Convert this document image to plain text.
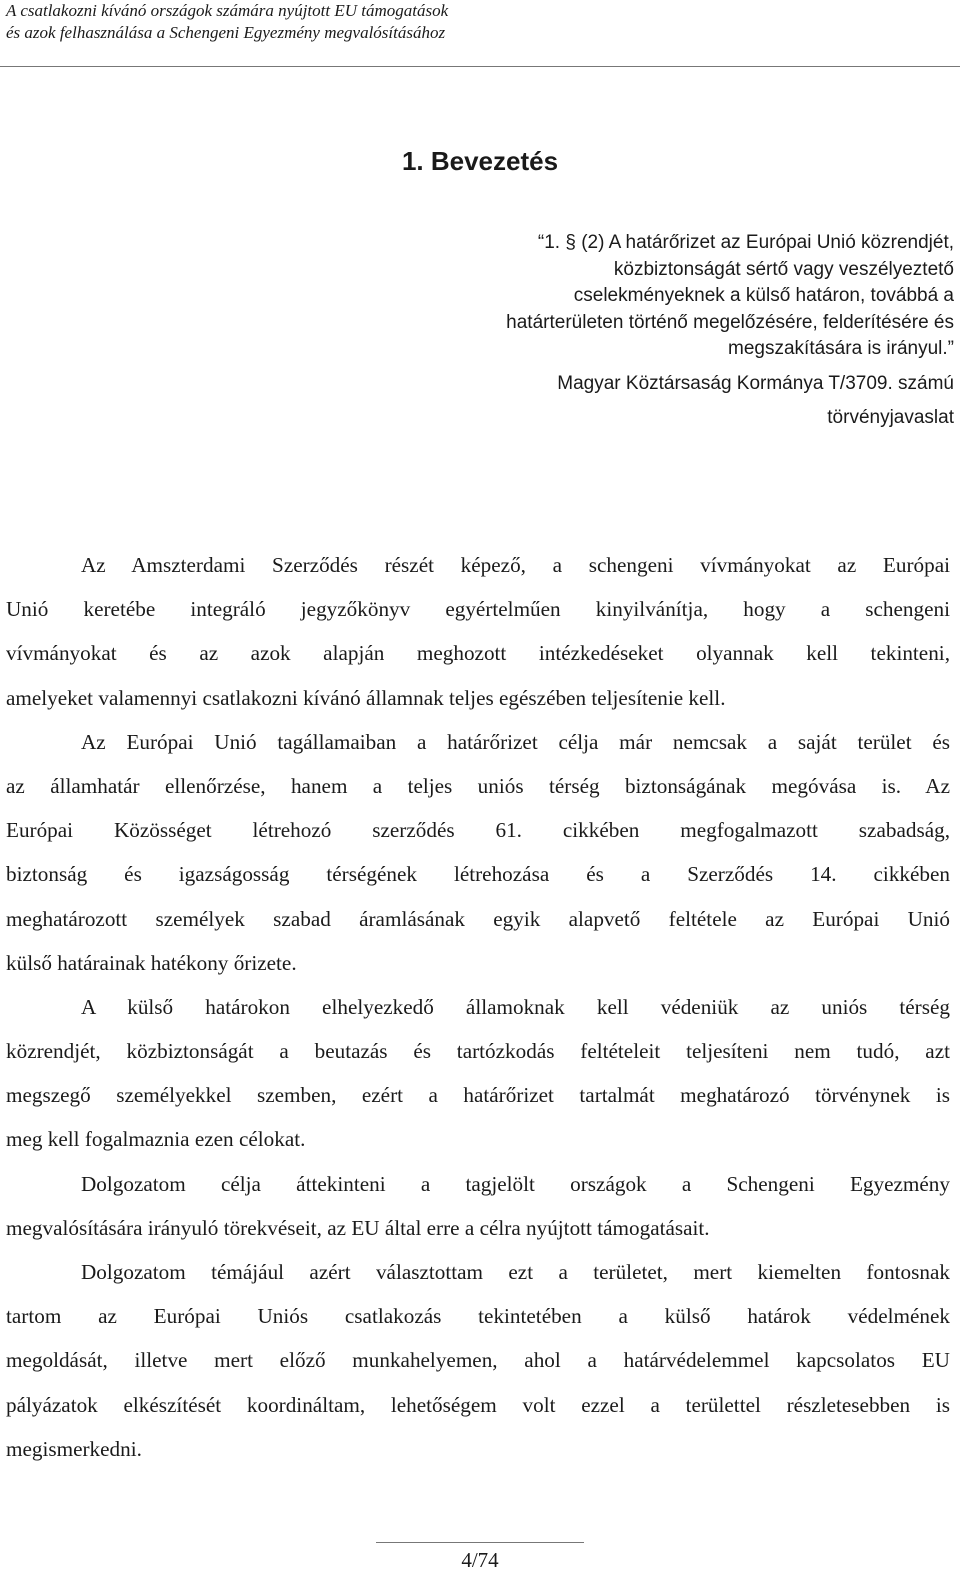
A csatlakozni kívánó országok számára nyújtott EU támogatások
és azok felhasználása a Schengeni Egyezmény megvalósításához
1. Bevezetés
“1. § (2) A határőrizet az Európai Unió közrendjét,
közbiztonságát sértő vagy veszélyeztető
cselekményeknek a külső határon, továbbá a
határterületen történő megelőzésére, felderítésére és
megszakítására is irányul.”
Magyar Köztársaság Kormánya T/3709. számú
törvényjavaslat
Az Amszterdami Szerződés részét képező, a schengeni vívmányokat az Európai
Unió keretébe integráló jegyzőkönyv egyértelműen kinyilvánítja, hogy a schengeni
vívmányokat és az azok alapján meghozott intézkedéseket olyannak kell tekinteni,
amelyeket valamennyi csatlakozni kívánó államnak teljes egészében teljesítenie kell.
Az Európai Unió tagállamaiban a határőrizet célja már nemcsak a saját terület és
az államhatár ellenőrzése, hanem a teljes uniós térség biztonságának megóvása is. Az
Európai Közösséget létrehozó szerződés 61. cikkében megfogalmazott szabadság,
biztonság és igazságosság térségének létrehozása és a Szerződés 14. cikkében
meghatározott személyek szabad áramlásának egyik alapvető feltétele az Európai Unió
külső határainak hatékony őrizete.
A külső határokon elhelyezkedő államoknak kell védeniük az uniós térség
közrendjét, közbiztonságát a beutazás és tartózkodás feltételeit teljesíteni nem tudó, azt
megszegő személyekkel szemben, ezért a határőrizet tartalmát meghatározó törvénynek is
meg kell fogalmaznia ezen célokat.
Dolgozatom célja áttekinteni a tagjelölt országok a Schengeni Egyezmény
megvalósítására irányuló törekvéseit, az EU által erre a célra nyújtott támogatásait.
Dolgozatom témájául azért választottam ezt a területet, mert kiemelten fontosnak
tartom az Európai Uniós csatlakozás tekintetében a külső határok védelmének
megoldását, illetve mert előző munkahelyemen, ahol a határvédelemmel kapcsolatos EU
pályázatok elkészítését koordináltam, lehetőségem volt ezzel a területtel részletesebben is
megismerkedni.
4/74
